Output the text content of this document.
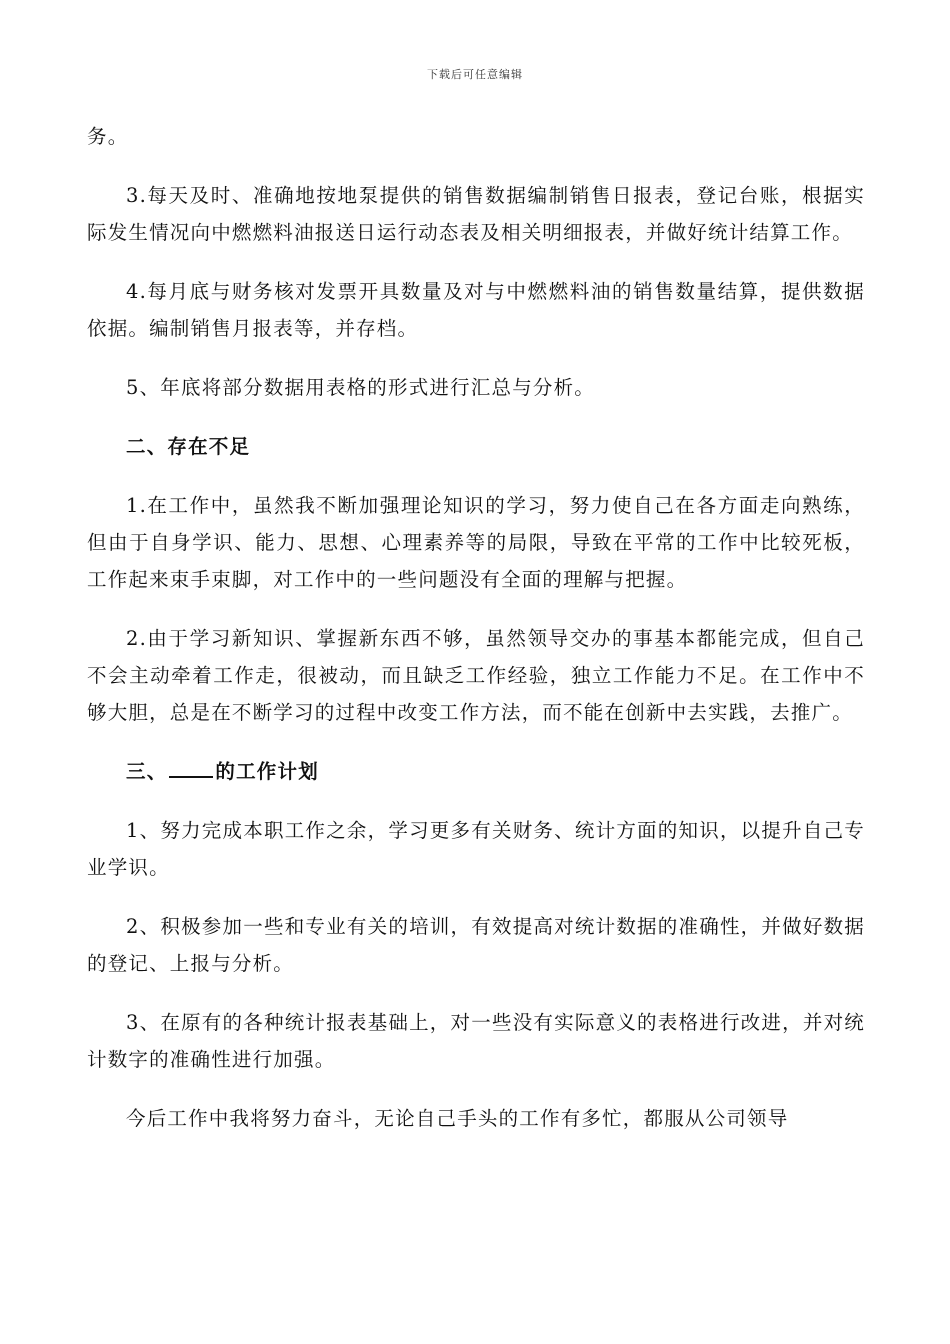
下载后可任意编辑

务。

3.每天及时、准确地按地泵提供的销售数据编制销售日报表，登记台账，根据实际发生情况向中燃燃料油报送日运行动态表及相关明细报表，并做好统计结算工作。

4.每月底与财务核对发票开具数量及对与中燃燃料油的销售数量结算，提供数据依据。编制销售月报表等，并存档。

5、年底将部分数据用表格的形式进行汇总与分析。

二、存在不足

1.在工作中，虽然我不断加强理论知识的学习，努力使自己在各方面走向熟练，但由于自身学识、能力、思想、心理素养等的局限，导致在平常的工作中比较死板，工作起来束手束脚，对工作中的一些问题没有全面的理解与把握。

2.由于学习新知识、掌握新东西不够，虽然领导交办的事基本都能完成，但自己不会主动牵着工作走，很被动，而且缺乏工作经验，独立工作能力不足。在工作中不够大胆，总是在不断学习的过程中改变工作方法，而不能在创新中去实践，去推广。

三、 的工作计划

1、努力完成本职工作之余，学习更多有关财务、统计方面的知识，以提升自己专业学识。

2、积极参加一些和专业有关的培训，有效提高对统计数据的准确性，并做好数据的登记、上报与分析。

3、在原有的各种统计报表基础上，对一些没有实际意义的表格进行改进，并对统计数字的准确性进行加强。

今后工作中我将努力奋斗，无论自己手头的工作有多忙，都服从公司领导
